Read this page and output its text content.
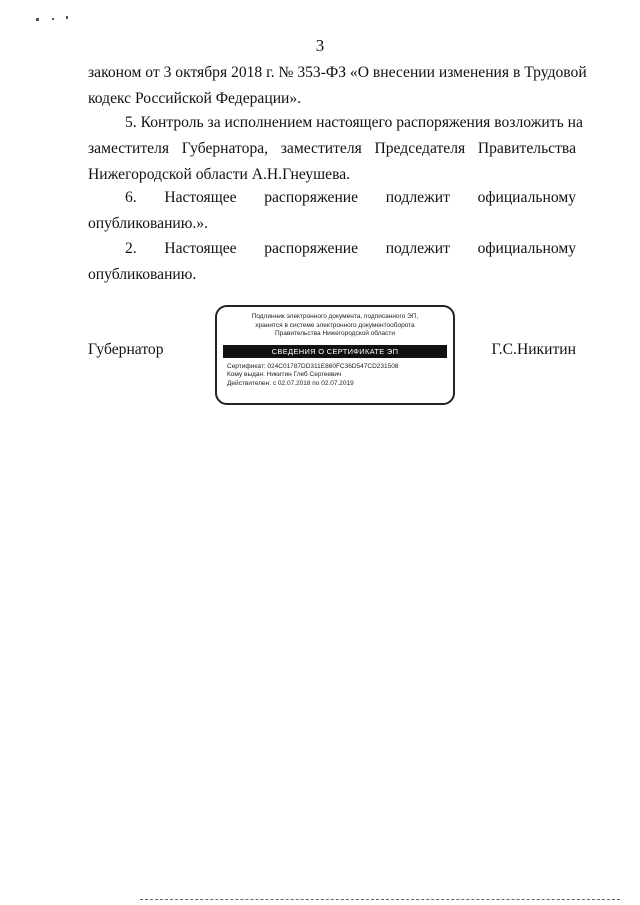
3
законом от 3 октября 2018 г. № 353-ФЗ «О внесении изменения в Трудовой
кодекс Российской Федерации».
5. Контроль за исполнением настоящего распоряжения возложить на
заместителя Губернатора, заместителя Председателя Правительства
Нижегородской области А.Н.Гнеушева.
6. Настоящее распоряжение подлежит официальному
опубликованию.».
2. Настоящее распоряжение подлежит официальному
опубликованию.
Губернатор	Г.С.Никитин
Подлинник электронного документа, подписанного ЭП,
хранится в системе электронного документооборота
Правительства Нижегородской области
СВЕДЕНИЯ О СЕРТИФИКАТЕ ЭП
Сертификат: 024C01787DD311E860FC36D547CD231508
Кому выдан: Никитин Глеб Сергеевич
Действителен: с 02.07.2018 по 02.07.2019
